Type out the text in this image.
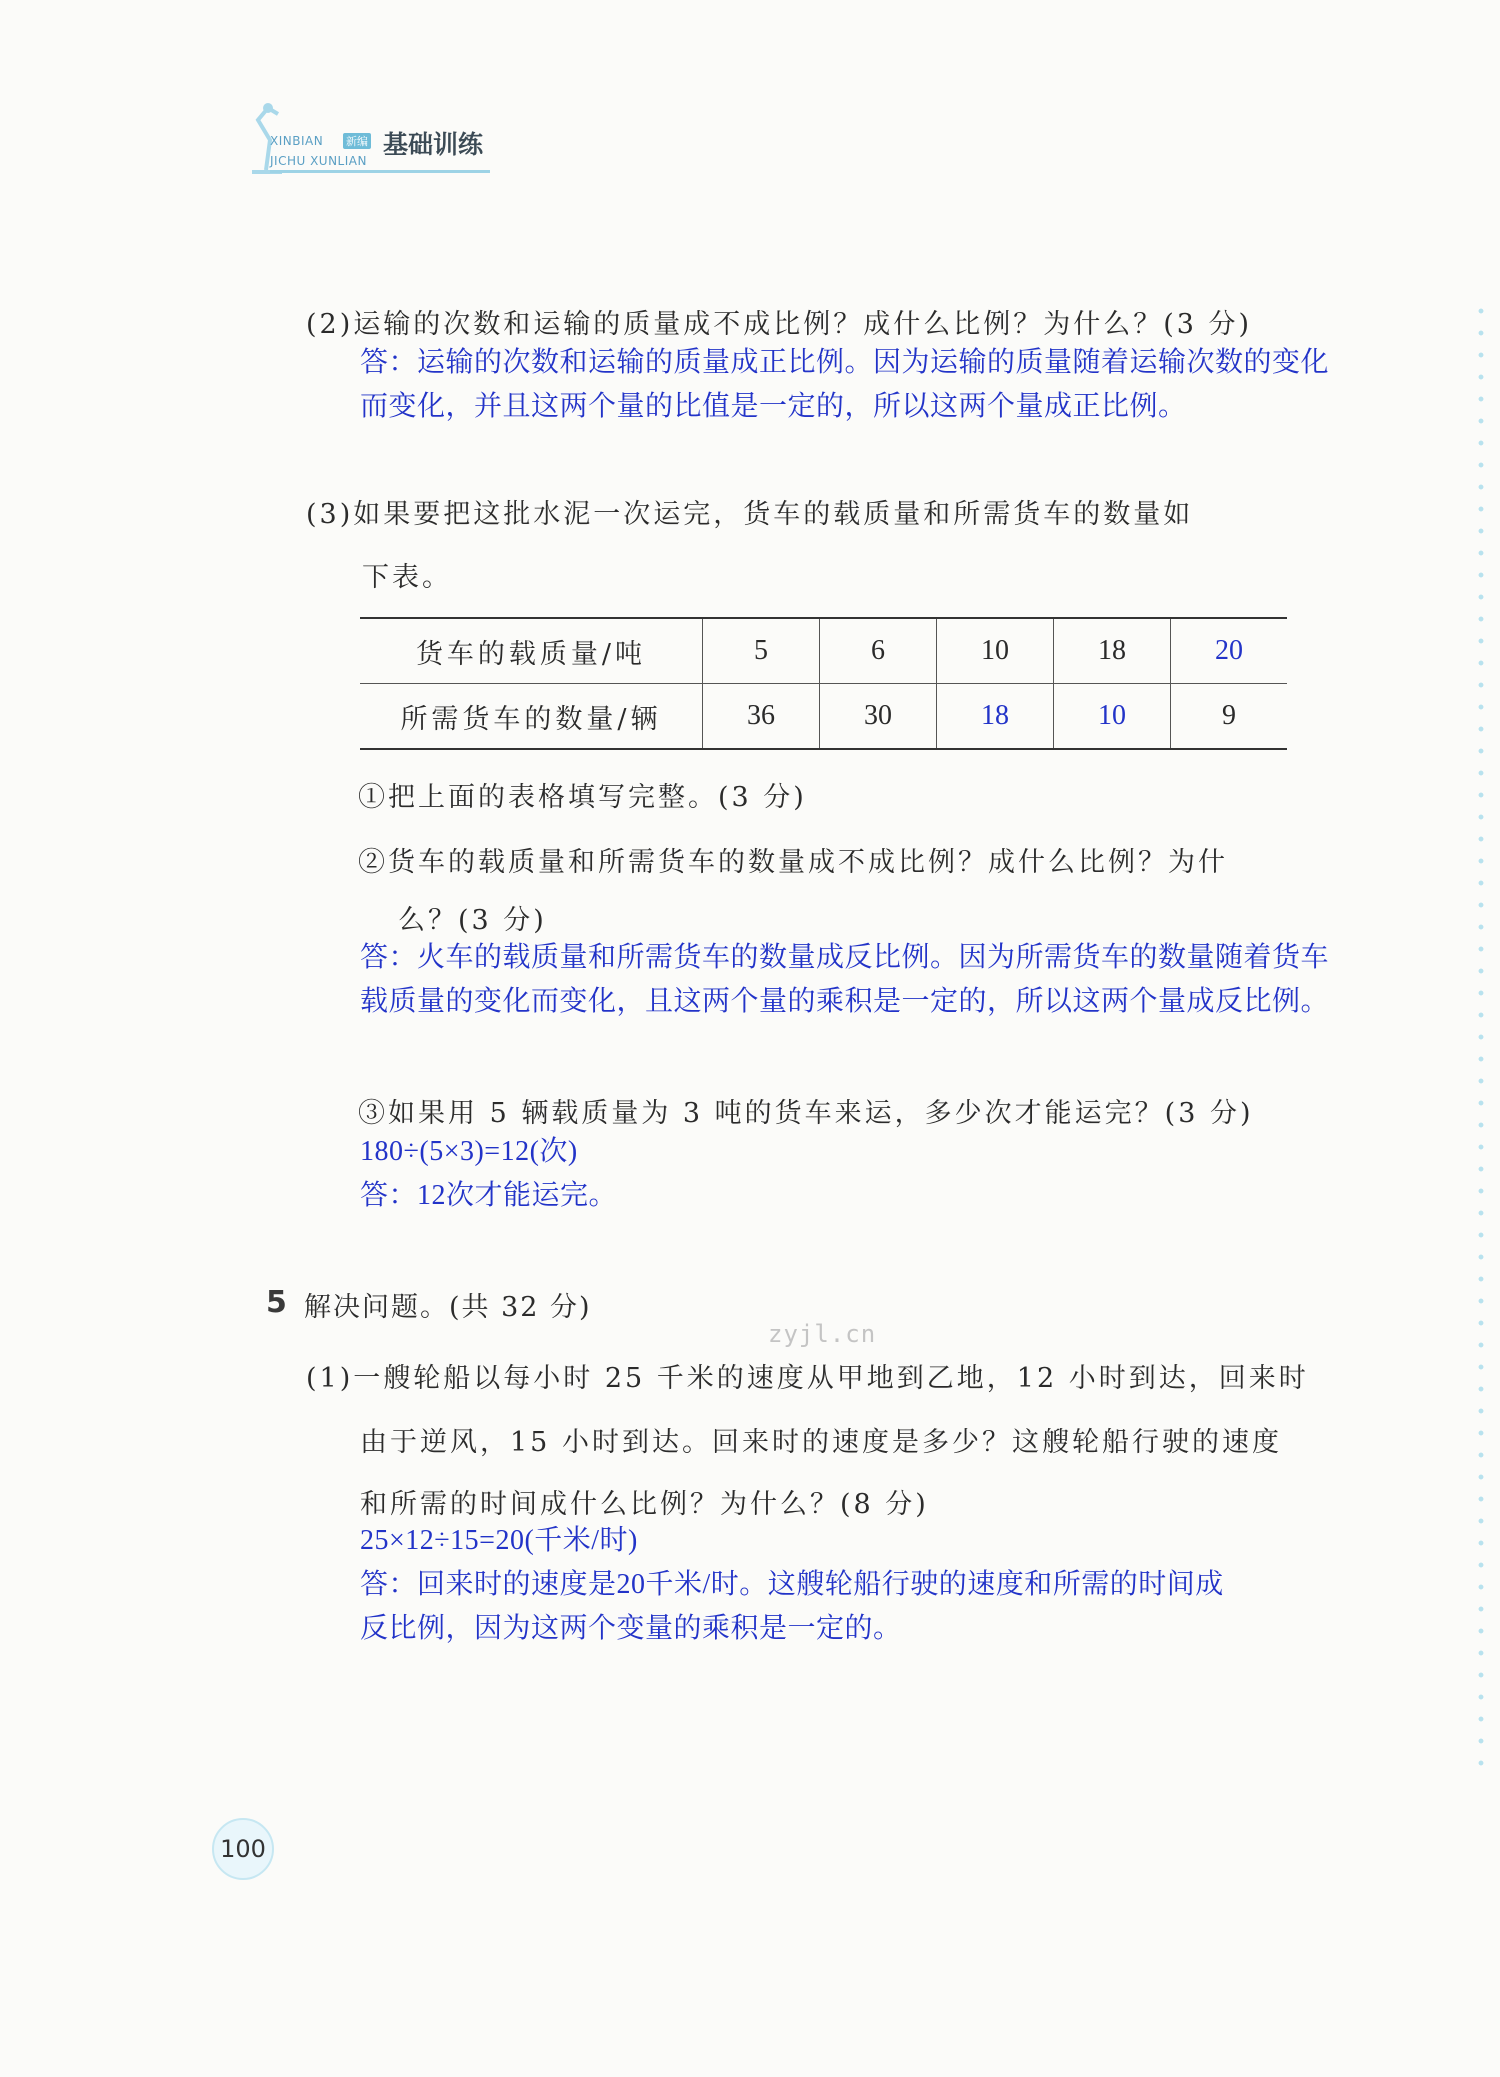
XINBIAN 新编 基础训练
JICHU XUNLIAN
(2)运输的次数和运输的质量成不成比例？成什么比例？为什么？(3 分)
答：运输的次数和运输的质量成正比例。因为运输的质量随着运输次数的变化
而变化，并且这两个量的比值是一定的，所以这两个量成正比例。
(3)如果要把这批水泥一次运完，货车的载质量和所需货车的数量如
下表。
货车的载质量/吨	5	6	10	18	20
所需货车的数量/辆	36	30	18	10	9
①把上面的表格填写完整。(3 分)
②货车的载质量和所需货车的数量成不成比例？成什么比例？为什
么？(3 分)
答：火车的载质量和所需货车的数量成反比例。因为所需货车的数量随着货车
载质量的变化而变化，且这两个量的乘积是一定的，所以这两个量成反比例。
③如果用 5 辆载质量为 3 吨的货车来运，多少次才能运完？(3 分)
180÷(5×3)=12(次)
答：12次才能运完。
5 解决问题。(共 32 分)
zyjl.cn
(1)一艘轮船以每小时 25 千米的速度从甲地到乙地，12 小时到达，回来时
由于逆风，15 小时到达。回来时的速度是多少？这艘轮船行驶的速度
和所需的时间成什么比例？为什么？(8 分)
25×12÷15=20(千米/时)
答：回来时的速度是20千米/时。这艘轮船行驶的速度和所需的时间成
反比例，因为这两个变量的乘积是一定的。
100
